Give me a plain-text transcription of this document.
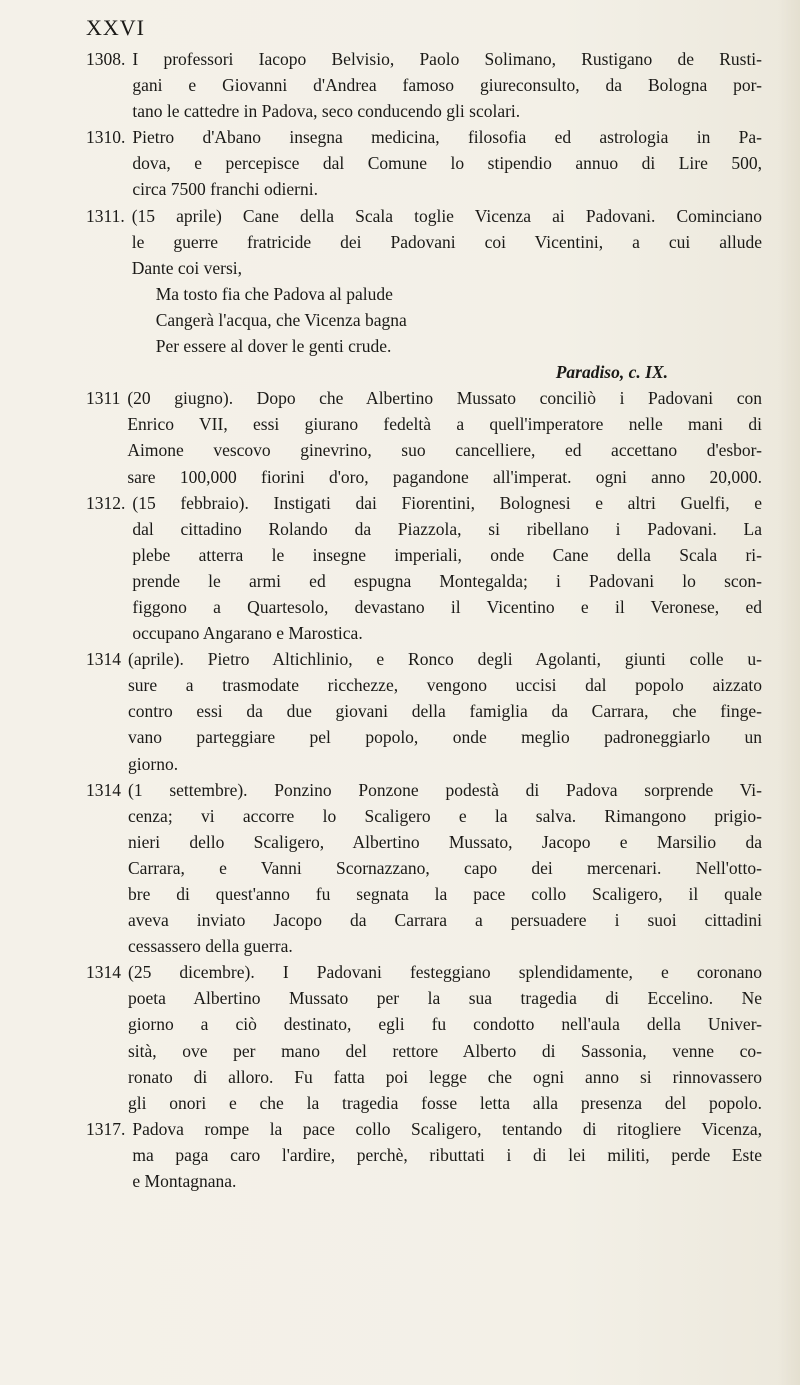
XXVI
1308. I professori Iacopo Belvisio, Paolo Solimano, Rustigano de Rusti-
gani e Giovanni d'Andrea famoso giureconsulto, da Bologna por-
tano le cattedre in Padova, seco conducendo gli scolari.
1310. Pietro d'Abano insegna medicina, filosofia ed astrologia in Pa-
dova, e percepisce dal Comune lo stipendio annuo di Lire 500,
circa 7500 franchi odierni.
1311. (15 aprile) Cane della Scala toglie Vicenza ai Padovani. Cominciano
le guerre fratricide dei Padovani coi Vicentini, a cui allude
Dante coi versi,
Ma tosto fia che Padova al palude
Cangerà l'acqua, che Vicenza bagna
Per essere al dover le genti crude.
Paradiso, c. IX.
1311 (20 giugno). Dopo che Albertino Mussato conciliò i Padovani con
Enrico VII, essi giurano fedeltà a quell'imperatore nelle mani di
Aimone vescovo ginevrino, suo cancelliere, ed accettano d'esbor-
sare 100,000 fiorini d'oro, pagandone all'imperat. ogni anno 20,000.
1312. (15 febbraio). Instigati dai Fiorentini, Bolognesi e altri Guelfi, e
dal cittadino Rolando da Piazzola, si ribellano i Padovani. La
plebe atterra le insegne imperiali, onde Cane della Scala ri-
prende le armi ed espugna Montegalda; i Padovani lo scon-
figgono a Quartesolo, devastano il Vicentino e il Veronese, ed
occupano Angarano e Marostica.
1314 (aprile). Pietro Altichlinio, e Ronco degli Agolanti, giunti colle u-
sure a trasmodate ricchezze, vengono uccisi dal popolo aizzato
contro essi da due giovani della famiglia da Carrara, che finge-
vano parteggiare pel popolo, onde meglio padroneggiarlo un
giorno.
1314 (1 settembre). Ponzino Ponzone podestà di Padova sorprende Vi-
cenza; vi accorre lo Scaligero e la salva. Rimangono prigio-
nieri dello Scaligero, Albertino Mussato, Jacopo e Marsilio da
Carrara, e Vanni Scornazzano, capo dei mercenari. Nell'otto-
bre di quest'anno fu segnata la pace collo Scaligero, il quale
aveva inviato Jacopo da Carrara a persuadere i suoi cittadini
cessassero della guerra.
1314 (25 dicembre). I Padovani festeggiano splendidamente, e coronano
poeta Albertino Mussato per la sua tragedia di Eccelino. Ne
giorno a ciò destinato, egli fu condotto nell'aula della Univer-
sità, ove per mano del rettore Alberto di Sassonia, venne co-
ronato di alloro. Fu fatta poi legge che ogni anno si rinnovassero
gli onori e che la tragedia fosse letta alla presenza del popolo.
1317. Padova rompe la pace collo Scaligero, tentando di ritogliere Vicenza,
ma paga caro l'ardire, perchè, ributtati i di lei militi, perde Este
e Montagnana.
